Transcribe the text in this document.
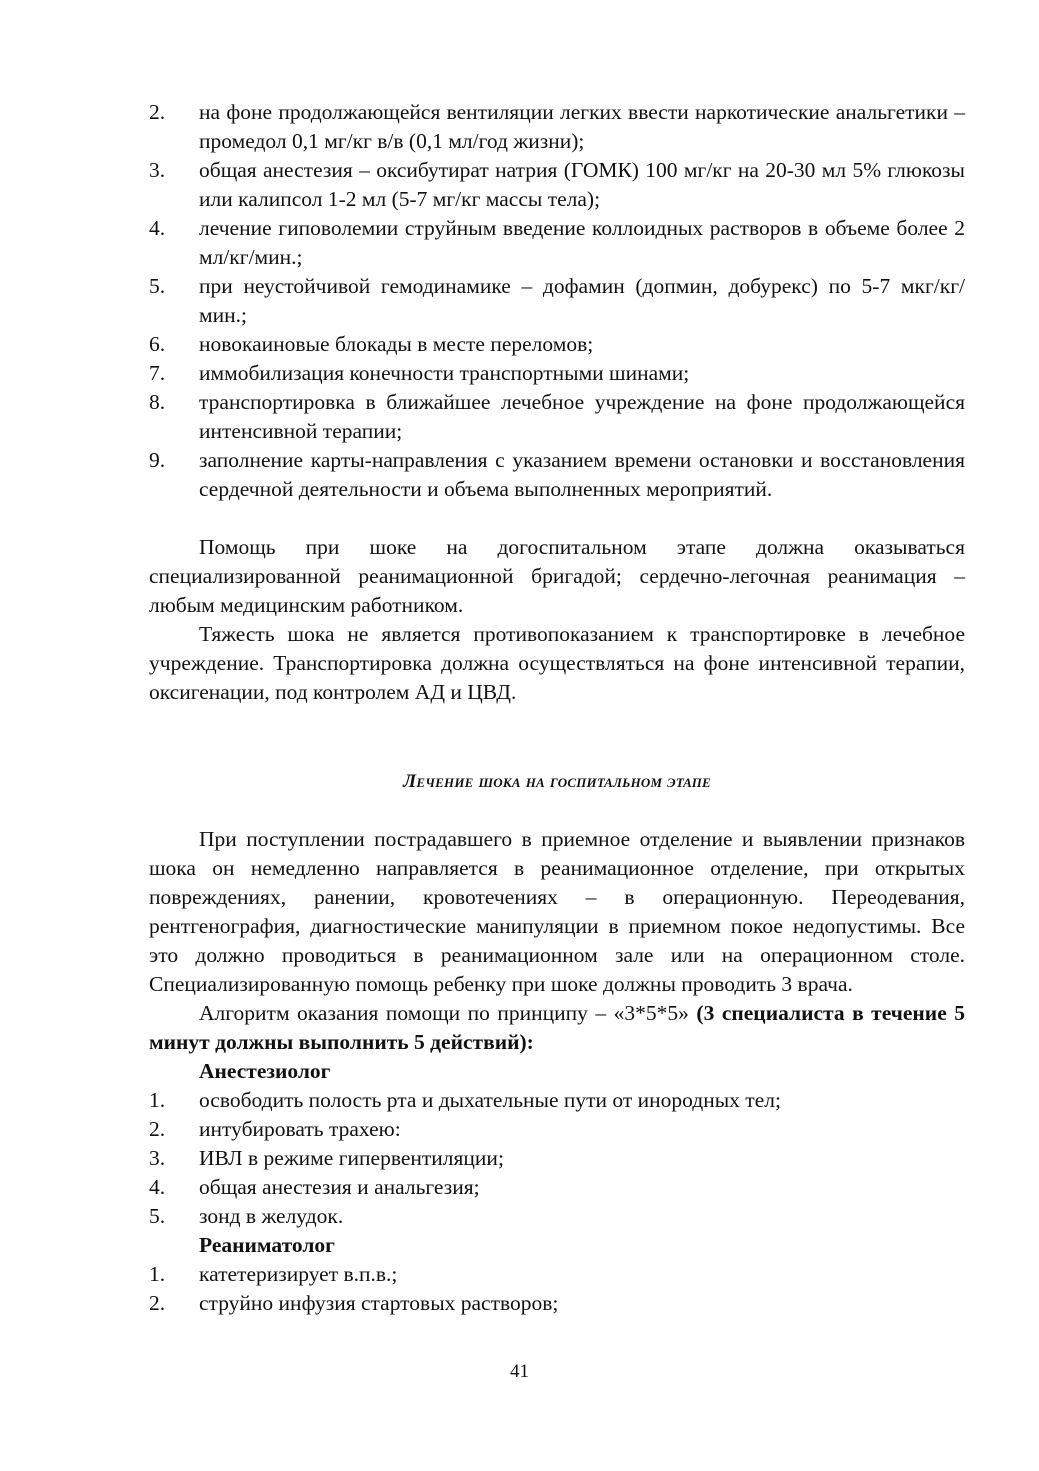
2.	на фоне продолжающейся вентиляции легких ввести наркотические анальгетики – промедол 0,1 мг/кг в/в (0,1 мл/год жизни);
3.	общая анестезия – оксибутират натрия (ГОМК) 100 мг/кг на 20-30 мл 5% глюкозы или калипсол 1-2 мл (5-7 мг/кг массы тела);
4.	лечение гиповолемии струйным введение коллоидных растворов в объеме более 2 мл/кг/мин.;
5.	при неустойчивой гемодинамике – дофамин (допмин, добурекс) по 5-7 мкг/кг/мин.;
6.	новокаиновые блокады в месте переломов;
7.	иммобилизация конечности транспортными шинами;
8.	транспортировка в ближайшее лечебное учреждение на фоне продолжающейся интенсивной терапии;
9.	заполнение карты-направления с указанием времени остановки и восстановления сердечной деятельности и объема выполненных мероприятий.

Помощь при шоке на догоспитальном этапе должна оказываться специализированной реанимационной бригадой; сердечно-легочная реанимация – любым медицинским работником.

Тяжесть шока не является противопоказанием к транспортировке в лечебное учреждение. Транспортировка должна осуществляться на фоне интенсивной терапии, оксигенации, под контролем АД и ЦВД.

Лечение шока на госпитальном этапе

При поступлении пострадавшего в приемное отделение и выявлении признаков шока он немедленно направляется в реанимационное отделение, при открытых повреждениях, ранении, кровотечениях – в операционную. Переодевания, рентгенография, диагностические манипуляции в приемном покое недопустимы. Все это должно проводиться в реанимационном зале или на операционном столе. Специализированную помощь ребенку при шоке должны проводить 3 врача.

Алгоритм оказания помощи по принципу – «3*5*5» (3 специалиста в течение 5 минут должны выполнить 5 действий):

Анестезиолог
1.	освободить полость рта и дыхательные пути от инородных тел;
2.	интубировать трахею:
3.	ИВЛ в режиме гипервентиляции;
4.	общая анестезия и анальгезия;
5.	зонд в желудок.
Реаниматолог
1.	катетеризирует в.п.в.;
2.	струйно инфузия стартовых растворов;
41
